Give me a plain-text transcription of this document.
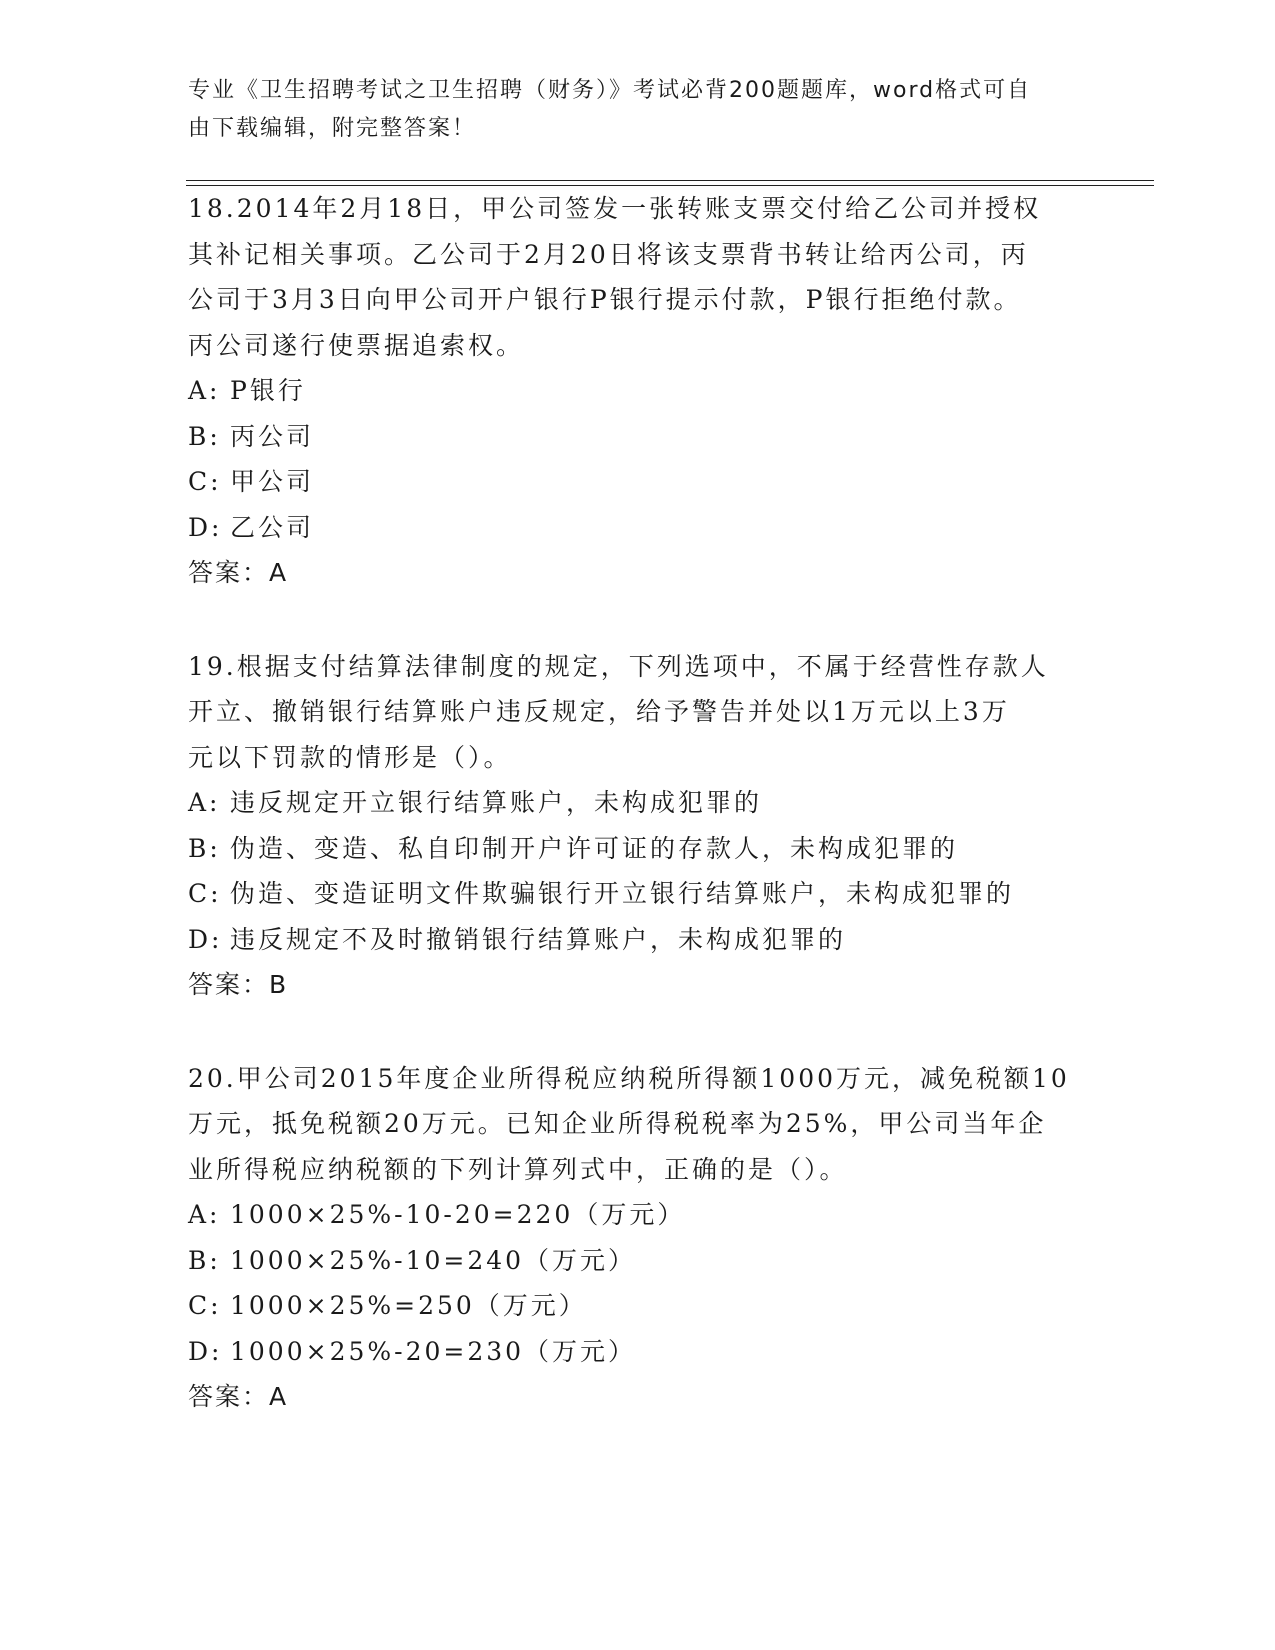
专业《卫生招聘考试之卫生招聘（财务）》考试必背200题题库，word格式可自
由下载编辑，附完整答案！
18.2014年2月18日，甲公司签发一张转账支票交付给乙公司并授权
其补记相关事项。乙公司于2月20日将该支票背书转让给丙公司，丙
公司于3月3日向甲公司开户银行P银行提示付款，P银行拒绝付款。
丙公司遂行使票据追索权。
A: P银行
B: 丙公司
C: 甲公司
D: 乙公司
答案：A
19.根据支付结算法律制度的规定，下列选项中，不属于经营性存款人
开立、撤销银行结算账户违反规定，给予警告并处以1万元以上3万
元以下罚款的情形是（）。
A: 违反规定开立银行结算账户，未构成犯罪的
B: 伪造、变造、私自印制开户许可证的存款人，未构成犯罪的
C: 伪造、变造证明文件欺骗银行开立银行结算账户，未构成犯罪的
D: 违反规定不及时撤销银行结算账户，未构成犯罪的
答案：B
20.甲公司2015年度企业所得税应纳税所得额1000万元，减免税额10
万元，抵免税额20万元。已知企业所得税税率为25%，甲公司当年企
业所得税应纳税额的下列计算列式中，正确的是（）。
A: 1000×25%-10-20=220（万元）
B: 1000×25%-10=240（万元）
C: 1000×25%=250（万元）
D: 1000×25%-20=230（万元）
答案：A
